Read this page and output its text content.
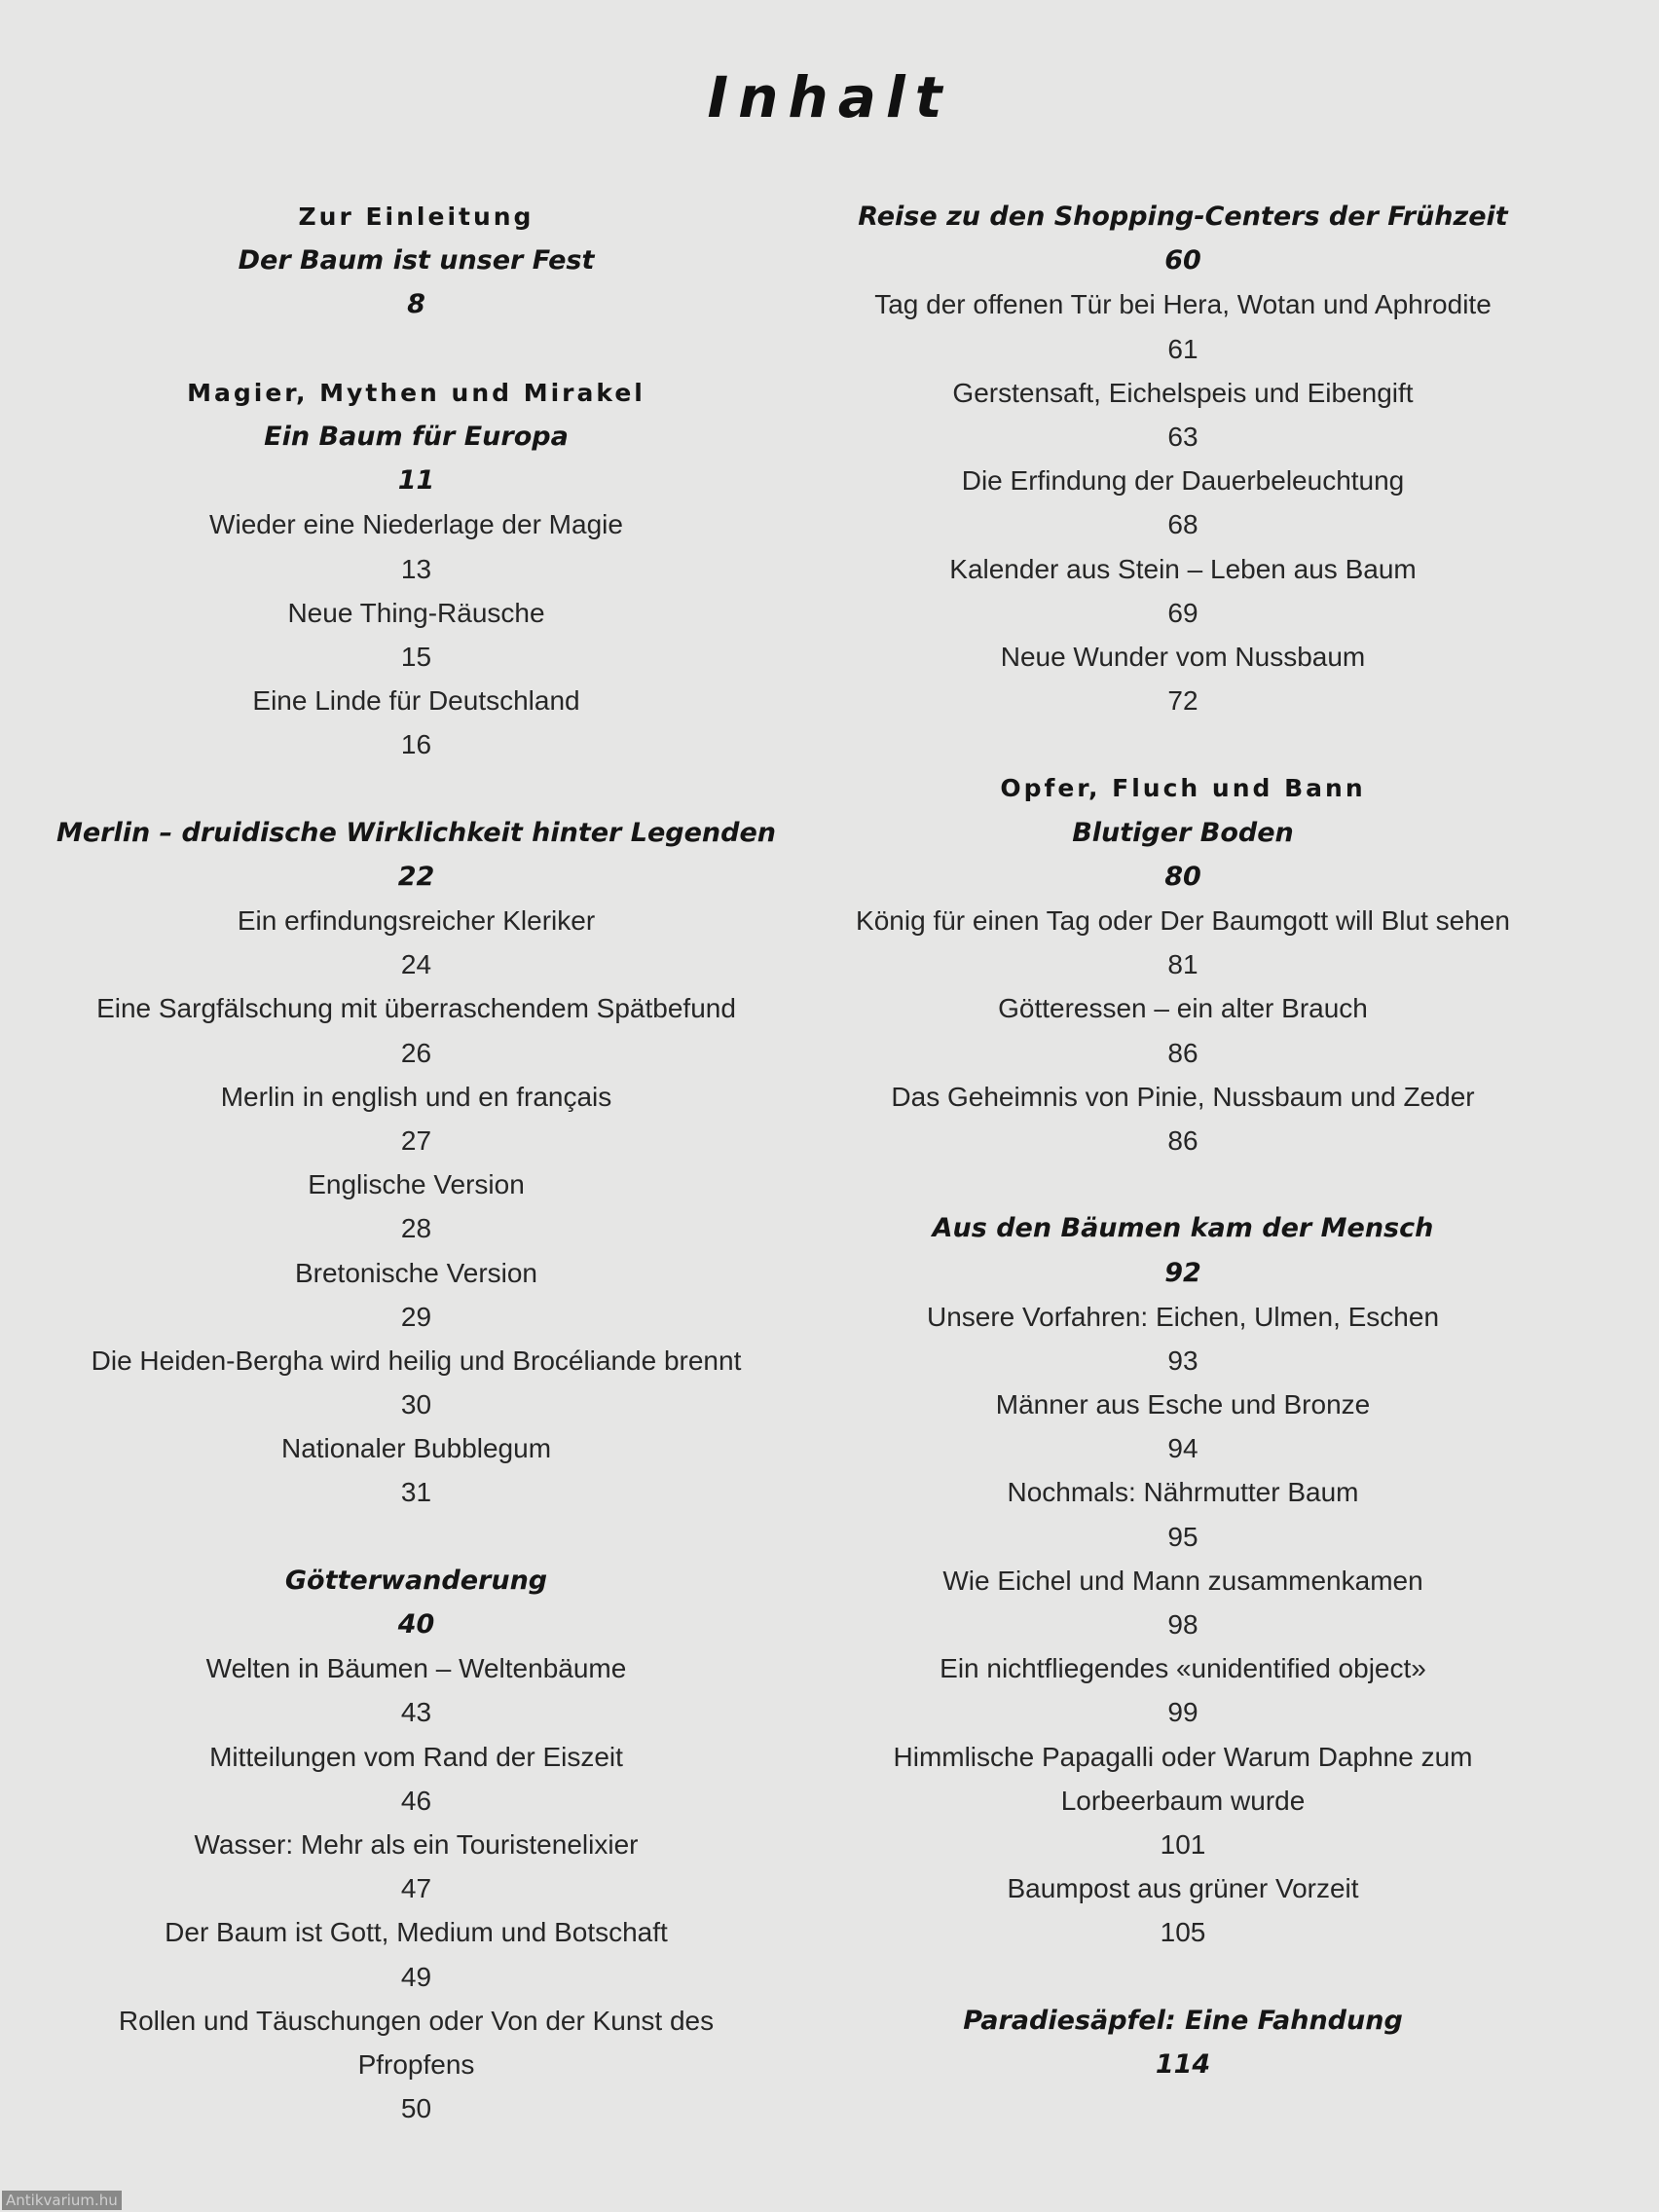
Inhalt
Zur Einleitung
Der Baum ist unser Fest
8
Magier, Mythen und Mirakel
Ein Baum für Europa
11
Wieder eine Niederlage der Magie
13
Neue Thing-Räusche
15
Eine Linde für Deutschland
16
Merlin – druidische Wirklichkeit hinter Legenden
22
Ein erfindungsreicher Kleriker
24
Eine Sargfälschung mit überraschendem Spätbefund
26
Merlin in english und en français
27
Englische Version
28
Bretonische Version
29
Die Heiden-Bergha wird heilig und Brocéliande brennt
30
Nationaler Bubblegum
31
Götterwanderung
40
Welten in Bäumen – Weltenbäume
43
Mitteilungen vom Rand der Eiszeit
46
Wasser: Mehr als ein Touristenelixier
47
Der Baum ist Gott, Medium und Botschaft
49
Rollen und Täuschungen oder Von der Kunst des
Pfropfens
50
Reise zu den Shopping-Centers der Frühzeit
60
Tag der offenen Tür bei Hera, Wotan und Aphrodite
61
Gerstensaft, Eichelspeis und Eibengift
63
Die Erfindung der Dauerbeleuchtung
68
Kalender aus Stein – Leben aus Baum
69
Neue Wunder vom Nussbaum
72
Opfer, Fluch und Bann
Blutiger Boden
80
König für einen Tag oder Der Baumgott will Blut sehen
81
Götteressen – ein alter Brauch
86
Das Geheimnis von Pinie, Nussbaum und Zeder
86
Aus den Bäumen kam der Mensch
92
Unsere Vorfahren: Eichen, Ulmen, Eschen
93
Männer aus Esche und Bronze
94
Nochmals: Nährmutter Baum
95
Wie Eichel und Mann zusammenkamen
98
Ein nichtfliegendes «unidentified object»
99
Himmlische Papagalli oder Warum Daphne zum
Lorbeerbaum wurde
101
Baumpost aus grüner Vorzeit
105
Paradiesäpfel: Eine Fahndung
114
Antikvarium.hu
